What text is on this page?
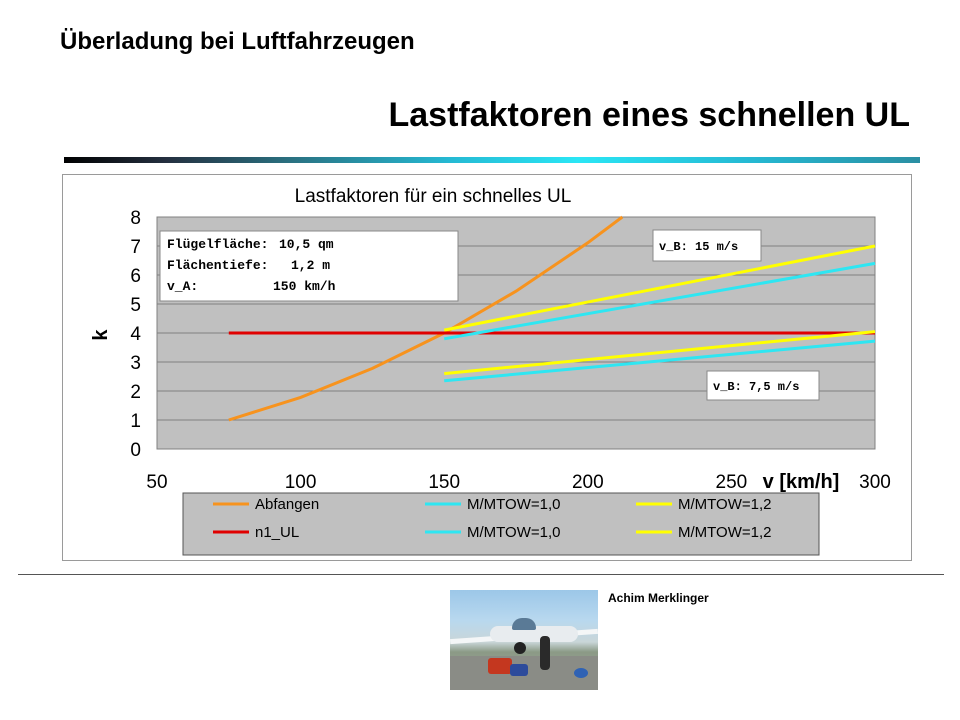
Überladung bei Luftfahrzeugen
Lastfaktoren eines schnellen UL
Lastfaktoren für ein schnelles UL
0
1
2
3
4
5
6
7
8
50	100	150	200	250	300
k
Flügelfläche: 10,5 qm
Flächentiefe: 1,2 m
v_A:	150 km/h
v_B: 15 m/s
v_B: 7,5 m/s
v [km/h]
Abfangen	M/MTOW=1,0	M/MTOW=1,2
n1_UL	M/MTOW=1,0	M/MTOW=1,2
Achim Merklinger
